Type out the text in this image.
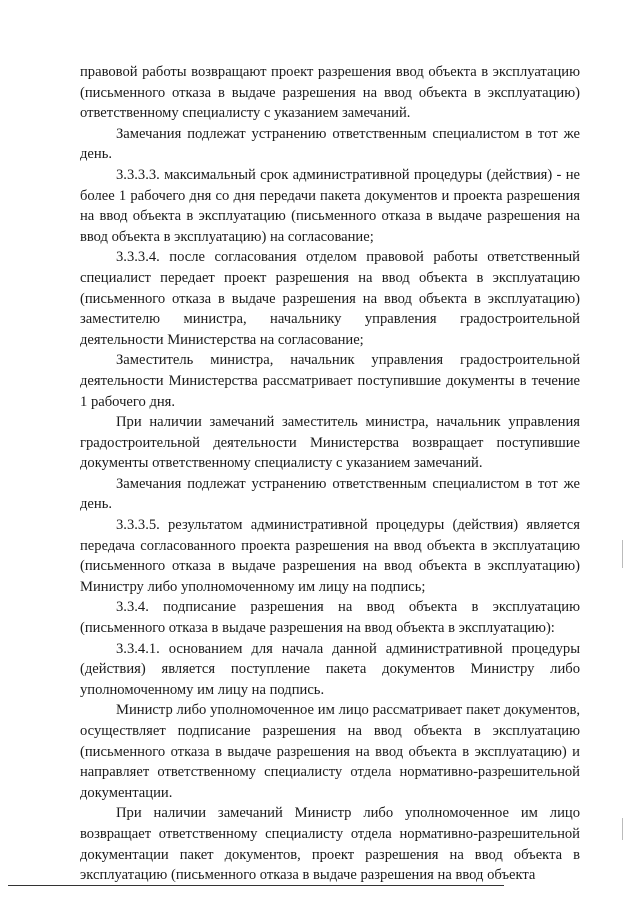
правовой работы возвращают проект разрешения ввод объекта в эксплуатацию (письменного отказа в выдаче разрешения на ввод объекта в эксплуатацию) ответственному специалисту с указанием замечаний.

Замечания подлежат устранению ответственным специалистом в тот же день.

3.3.3.3. максимальный срок административной процедуры (действия) - не более 1 рабочего дня со дня передачи пакета документов и проекта разрешения на ввод объекта в эксплуатацию (письменного отказа в выдаче разрешения на ввод объекта в эксплуатацию) на согласование;

3.3.3.4. после согласования отделом правовой работы ответственный специалист передает проект разрешения на ввод объекта в эксплуатацию (письменного отказа в выдаче разрешения на ввод объекта в эксплуатацию) заместителю министра, начальнику управления градостроительной деятельности Министерства на согласование;

Заместитель министра, начальник управления градостроительной деятельности Министерства рассматривает поступившие документы в течение 1 рабочего дня.

При наличии замечаний заместитель министра, начальник управления градостроительной деятельности Министерства возвращает поступившие документы ответственному специалисту с указанием замечаний.

Замечания подлежат устранению ответственным специалистом в тот же день.

3.3.3.5. результатом административной процедуры (действия) является передача согласованного проекта разрешения на ввод объекта в эксплуатацию (письменного отказа в выдаче разрешения на ввод объекта в эксплуатацию) Министру либо уполномоченному им лицу на подпись;

3.3.4. подписание разрешения на ввод объекта в эксплуатацию (письменного отказа в выдаче разрешения на ввод объекта в эксплуатацию):

3.3.4.1. основанием для начала данной административной процедуры (действия) является поступление пакета документов Министру либо уполномоченному им лицу на подпись.

Министр либо уполномоченное им лицо рассматривает пакет документов, осуществляет подписание разрешения на ввод объекта в эксплуатацию (письменного отказа в выдаче разрешения на ввод объекта в эксплуатацию) и направляет ответственному специалисту отдела нормативно-разрешительной документации.

При наличии замечаний Министр либо уполномоченное им лицо возвращает ответственному специалисту отдела нормативно-разрешительной документации пакет документов, проект разрешения на ввод объекта в эксплуатацию (письменного отказа в выдаче разрешения на ввод объекта
